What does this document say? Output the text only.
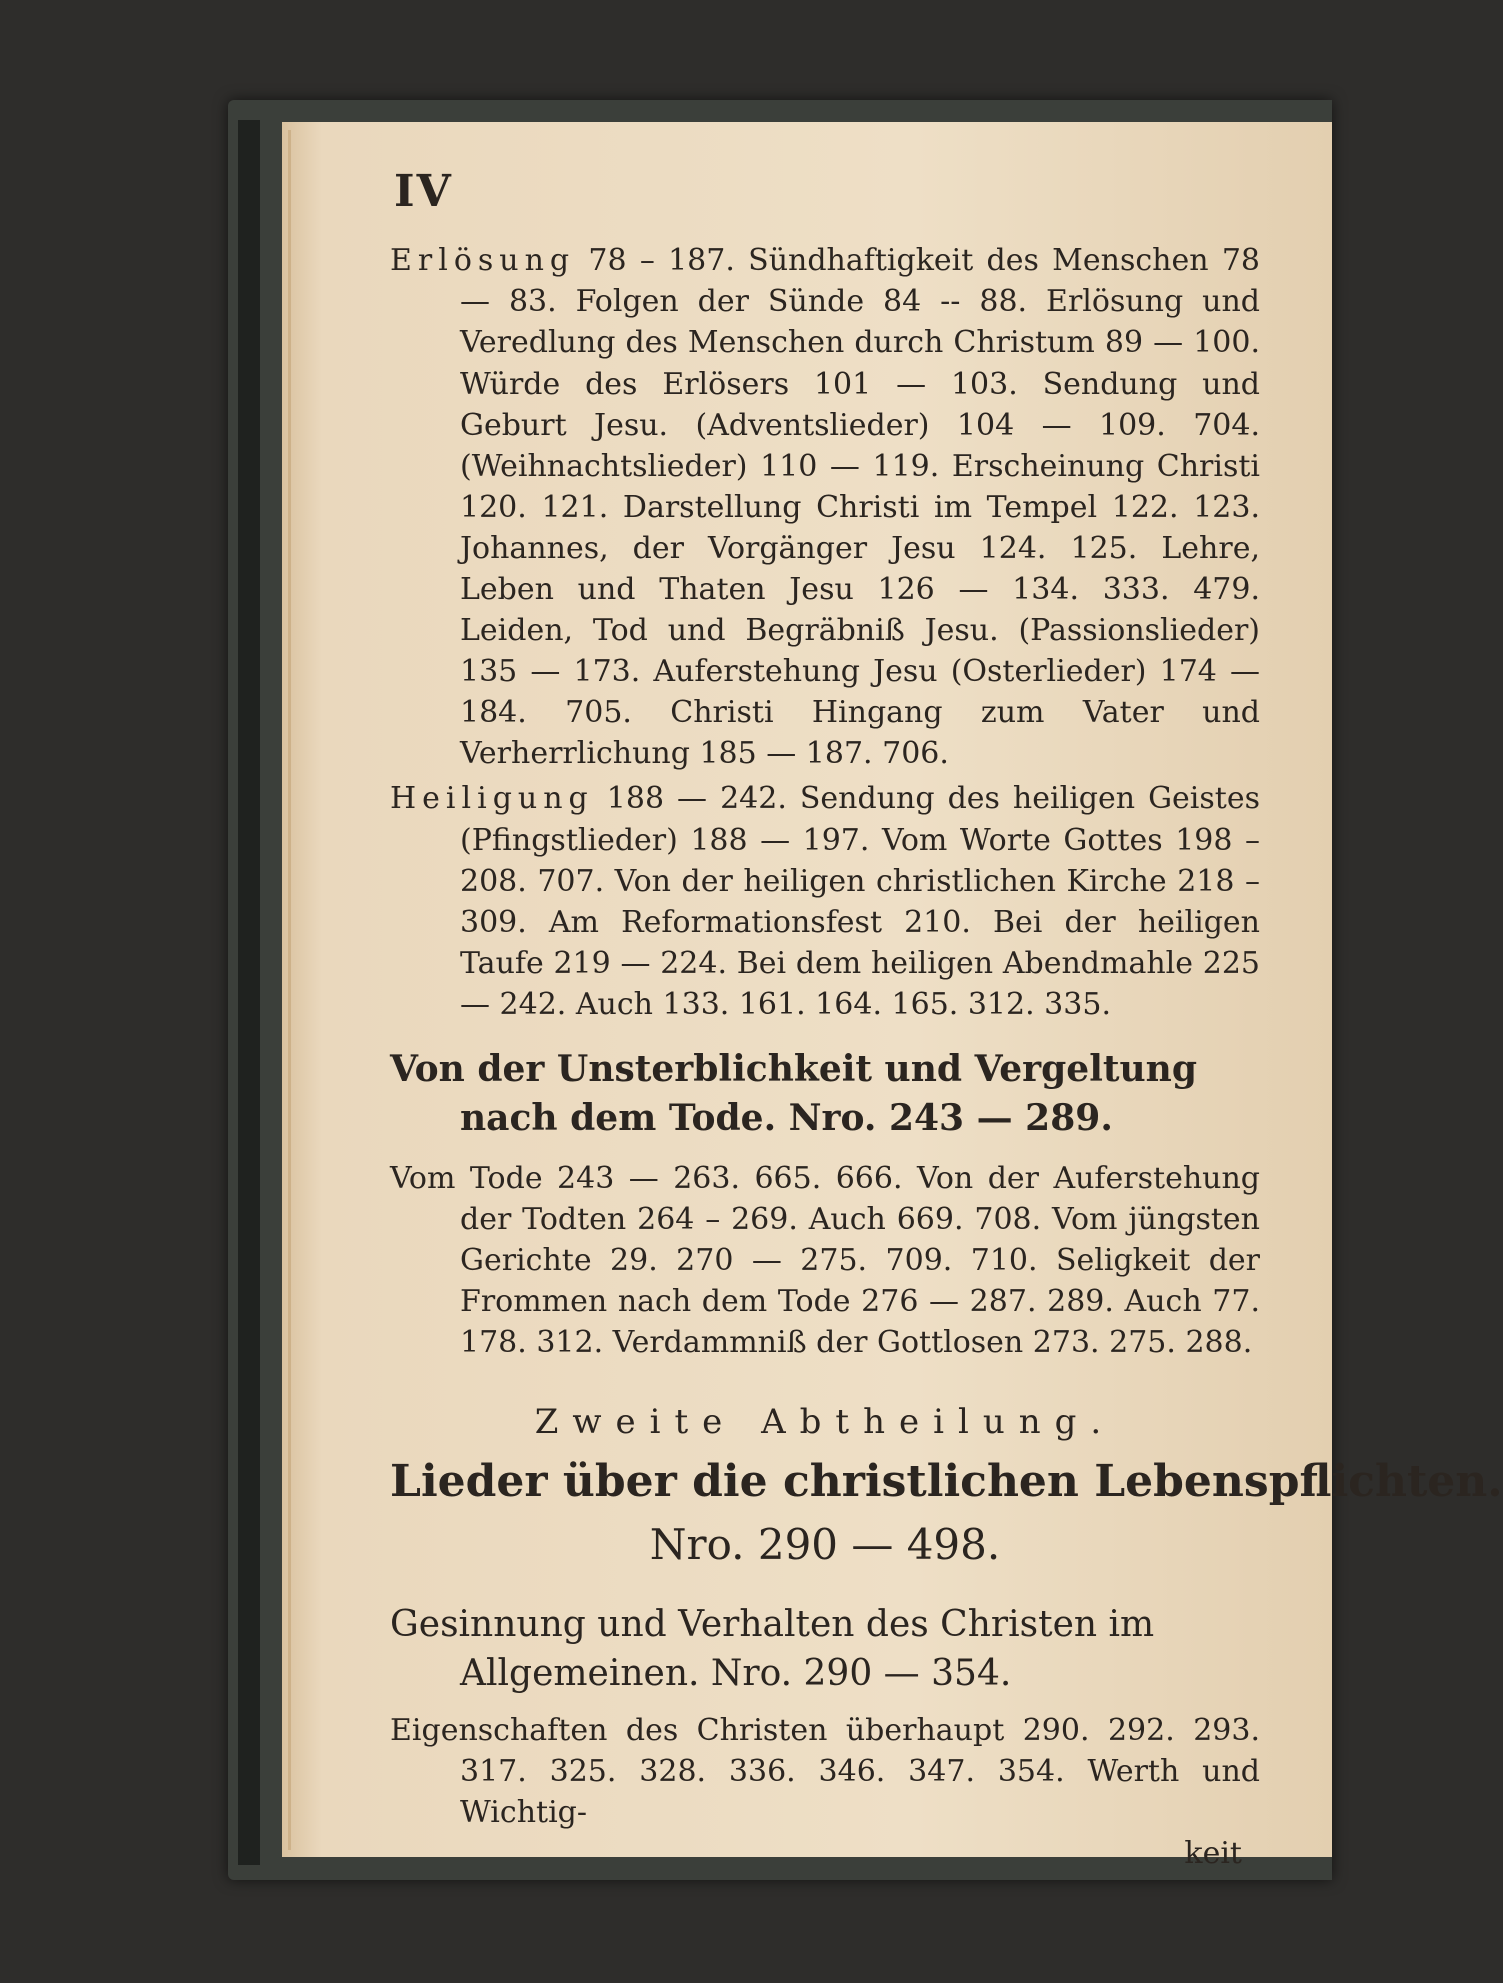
IV

Erlösung 78 – 187. Sündhaftigkeit des Menschen 78 — 83. Folgen der Sünde 84 -- 88. Erlösung und Veredlung des Menschen durch Christum 89 — 100. Würde des Erlösers 101 — 103. Sendung und Geburt Jesu. (Adventslieder) 104 — 109. 704. (Weihnachtslieder) 110 — 119. Erscheinung Christi 120. 121. Darstellung Christi im Tempel 122. 123. Johannes, der Vorgänger Jesu 124. 125. Lehre, Leben und Thaten Jesu 126 — 134. 333. 479. Leiden, Tod und Begräbniß Jesu. (Passionslieder) 135 — 173. Auferstehung Jesu (Osterlieder) 174 — 184. 705. Christi Hingang zum Vater und Verherrlichung 185 — 187. 706.

Heiligung 188 — 242. Sendung des heiligen Geistes (Pfingstlieder) 188 — 197. Vom Worte Gottes 198 – 208. 707. Von der heiligen christlichen Kirche 218 – 309. Am Reformationsfest 210. Bei der heiligen Taufe 219 — 224. Bei dem heiligen Abendmahle 225 — 242. Auch 133. 161. 164. 165. 312. 335.

Von der Unsterblichkeit und Vergeltung nach dem Tode. Nro. 243 — 289.

Vom Tode 243 — 263. 665. 666. Von der Auferstehung der Todten 264 – 269. Auch 669. 708. Vom jüngsten Gerichte 29. 270 — 275. 709. 710. Seligkeit der Frommen nach dem Tode 276 — 287. 289. Auch 77. 178. 312. Verdammniß der Gottlosen 273. 275. 288.

Zweite Abtheilung.
Lieder über die christlichen Lebenspflichten.
Nro. 290 — 498.
Gesinnung und Verhalten des Christen im Allgemeinen. Nro. 290 — 354.

Eigenschaften des Christen überhaupt 290. 292. 293. 317. 325. 328. 336. 346. 347. 354. Werth und Wichtig-

keit
